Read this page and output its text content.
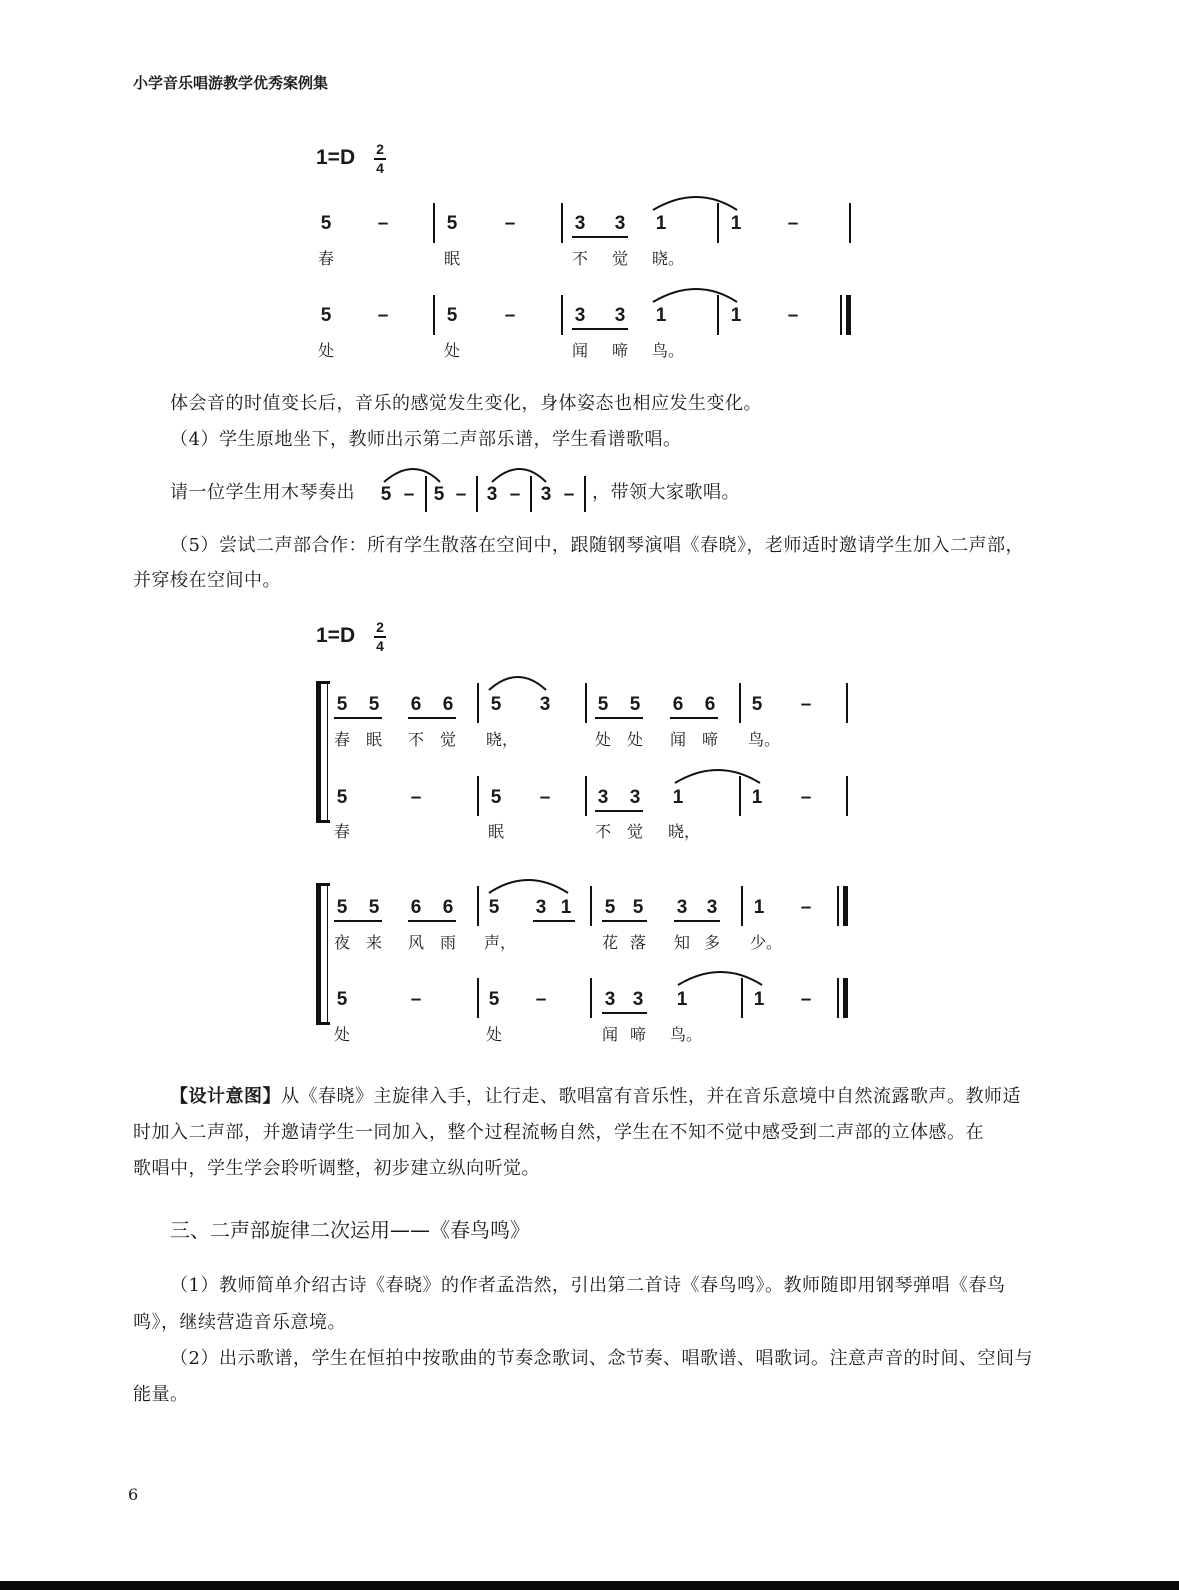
小学音乐唱游教学优秀案例集
1=D 2
4
5 –	5 –	3 3 1	1 –
春	眠	不 觉 晓。
5 –	5 –	3 3 1	1 –
处	处	闻 啼 鸟。
体会音的时值变长后，音乐的感觉发生变化，身体姿态也相应发生变化。
（4）学生原地坐下，教师出示第二声部乐谱，学生看谱歌唱。
请一位学生用木琴奏出 5 – 5 – 3 – 3 – ，带领大家歌唱。
（5）尝试二声部合作：所有学生散落在空间中，跟随钢琴演唱《春晓》，老师适时邀请学生加入二声部，
并穿梭在空间中。
1=D 2
4
5 5 6 6 5 3 5 5 6 6 5 –
春 眠 不 觉 晓，	处 处 闻 啼 鸟。
5	–	5 – 3 3 1	1 –
春	眠	不 觉 晓，
5 5 6 6 5 3 1 5 5 3 3 1 –
夜 来 风 雨 声，	花 落 知 多 少。
5	–	5 –	3 3 1	1 –
处	处	闻 啼 鸟。
【设计意图】从《春晓》主旋律入手，让行走、歌唱富有音乐性，并在音乐意境中自然流露歌声。教师适
时加入二声部，并邀请学生一同加入，整个过程流畅自然，学生在不知不觉中感受到二声部的立体感。在
歌唱中，学生学会聆听调整，初步建立纵向听觉。
三、二声部旋律二次运用——《春鸟鸣》
（1）教师简单介绍古诗《春晓》的作者孟浩然，引出第二首诗《春鸟鸣》。教师随即用钢琴弹唱《春鸟
鸣》，继续营造音乐意境。
（2）出示歌谱，学生在恒拍中按歌曲的节奏念歌词、念节奏、唱歌谱、唱歌词。注意声音的时间、空间与
能量。
6
